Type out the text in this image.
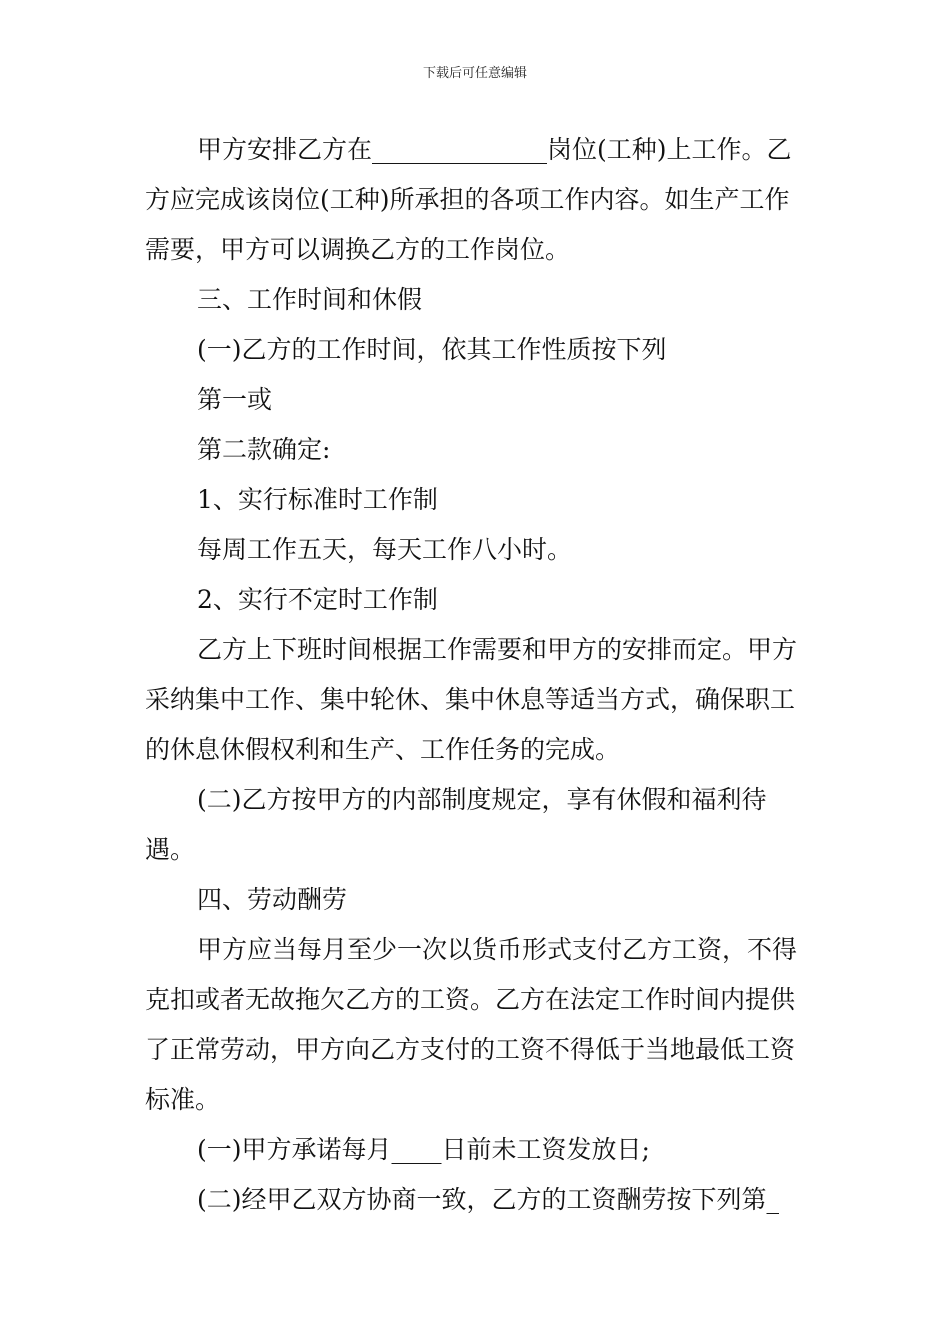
下载后可任意编辑

甲方安排乙方在______________岗位(工种)上工作。乙方应完成该岗位(工种)所承担的各项工作内容。如生产工作需要，甲方可以调换乙方的工作岗位。

三、工作时间和休假

(一)乙方的工作时间，依其工作性质按下列

第一或

第二款确定:

1、实行标准时工作制

每周工作五天，每天工作八小时。

2、实行不定时工作制

乙方上下班时间根据工作需要和甲方的安排而定。甲方采纳集中工作、集中轮休、集中休息等适当方式，确保职工的休息休假权利和生产、工作任务的完成。

(二)乙方按甲方的内部制度规定，享有休假和福利待遇。

四、劳动酬劳

甲方应当每月至少一次以货币形式支付乙方工资，不得克扣或者无故拖欠乙方的工资。乙方在法定工作时间内提供了正常劳动，甲方向乙方支付的工资不得低于当地最低工资标准。

(一)甲方承诺每月____日前未工资发放日;

(二)经甲乙双方协商一致，乙方的工资酬劳按下列第_
